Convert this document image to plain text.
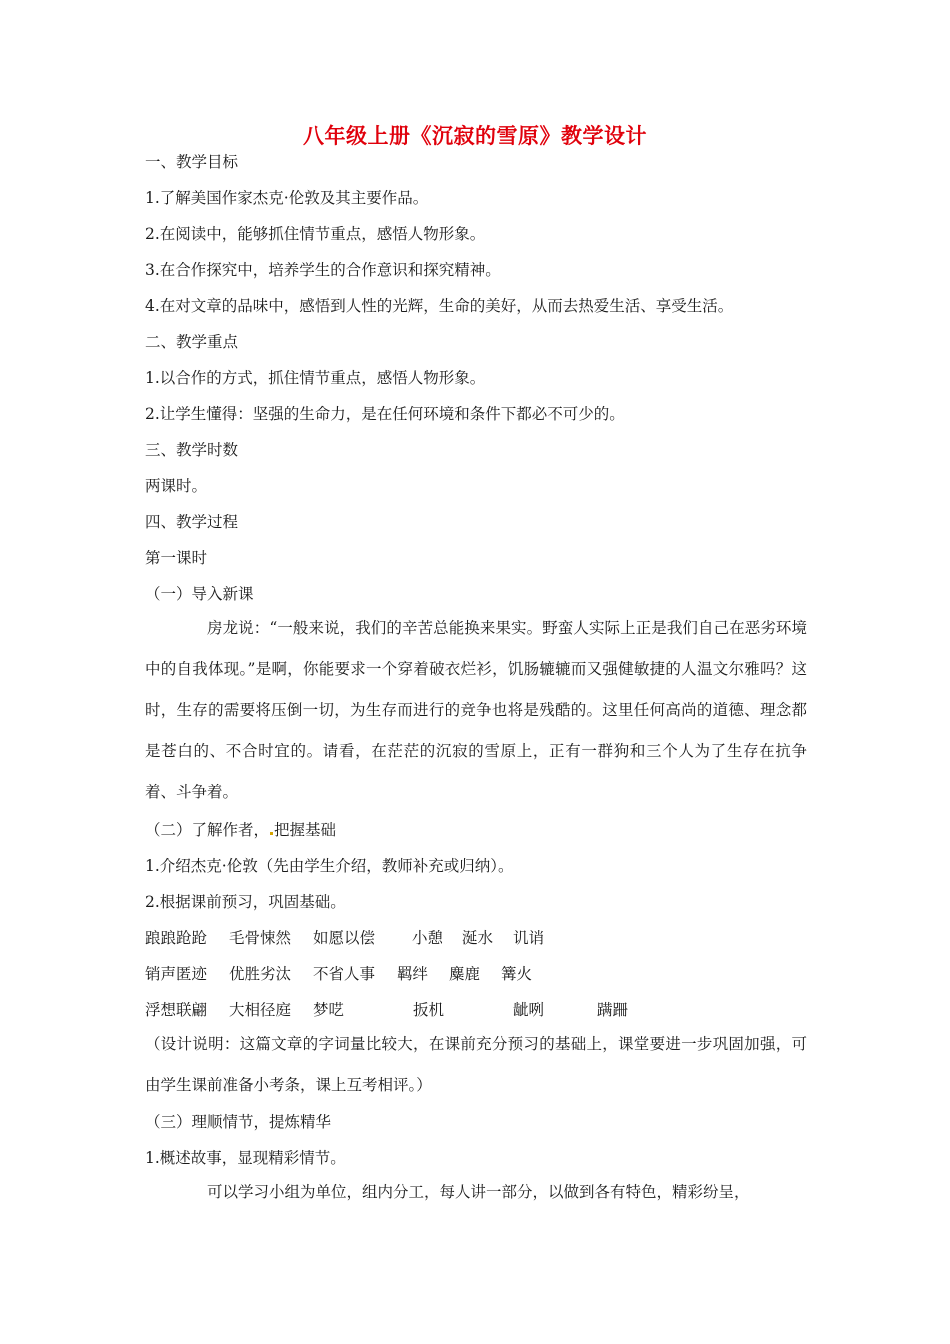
八年级上册《沉寂的雪原》教学设计
一、教学目标
1.了解美国作家杰克·伦敦及其主要作品。
2.在阅读中，能够抓住情节重点，感悟人物形象。
3.在合作探究中，培养学生的合作意识和探究精神。
4.在对文章的品味中，感悟到人性的光辉，生命的美好，从而去热爱生活、享受生活。
二、教学重点
1.以合作的方式，抓住情节重点，感悟人物形象。
2.让学生懂得：坚强的生命力，是在任何环境和条件下都必不可少的。
三、教学时数
两课时。
四、教学过程
第一课时
（一）导入新课
房龙说：“一般来说，我们的辛苦总能换来果实。野蛮人实际上正是我们自己在恶劣环境中的自我体现。”是啊，你能要求一个穿着破衣烂衫，饥肠辘辘而又强健敏捷的人温文尔雅吗？这时，生存的需要将压倒一切，为生存而进行的竞争也将是残酷的。这里任何高尚的道德、理念都是苍白的、不合时宜的。请看，在茫茫的沉寂的雪原上，正有一群狗和三个人为了生存在抗争着、斗争着。
（二）了解作者， 把握基础
1.介绍杰克·伦敦（先由学生介绍，教师补充或归纳）。
2.根据课前预习，巩固基础。
踉踉跄跄 毛骨悚然 如愿以偿 小憩 涎水 讥诮
销声匿迹 优胜劣汰 不省人事 羁绊 麋鹿 篝火
浮想联翩 大相径庭 梦呓	扳机	龇咧	蹒跚
（设计说明：这篇文章的字词量比较大，在课前充分预习的基础上，课堂要进一步巩固加强，可由学生课前准备小考条，课上互考相评。）
（三）理顺情节，提炼精华
1.概述故事，显现精彩情节。
可以学习小组为单位，组内分工，每人讲一部分，以做到各有特色，精彩纷呈，
